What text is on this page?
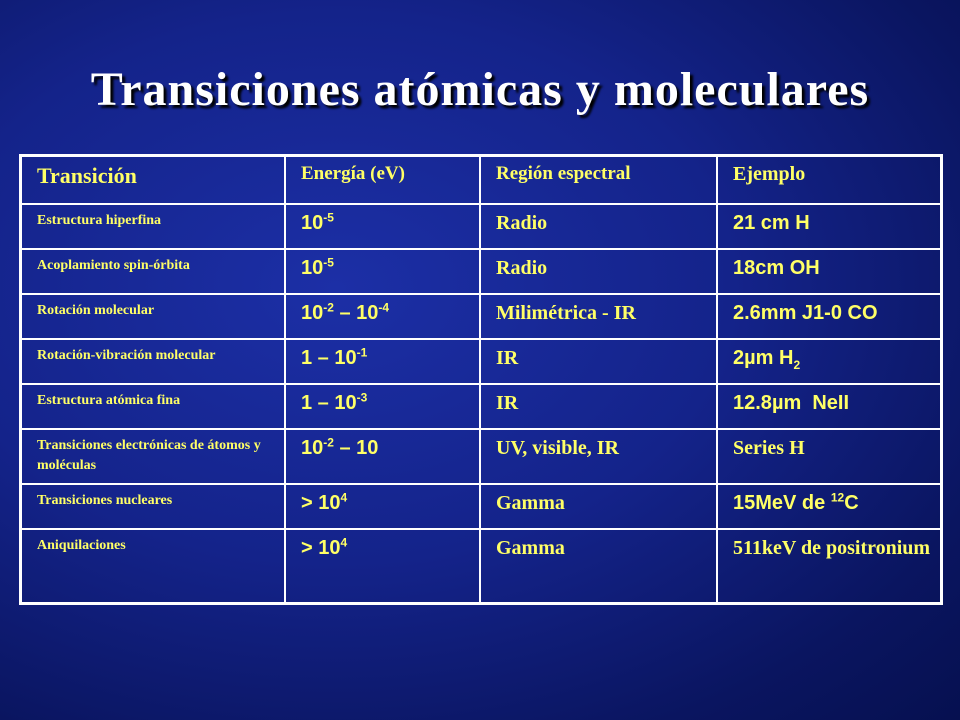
Transiciones atómicas y moleculares
Transición	Energía (eV)	Región espectral	Ejemplo
Estructura hiperfina	$10^{-5}$	Radio	21 cm H
Acoplamiento spin-órbita	$10^{-5}$	Radio	18cm OH
Rotación molecular	$10^{-2} - 10^{-4}$	Milimétrica - IR	2.6mm J1-0 CO
Rotación-vibración molecular	$1 - 10^{-1}$	IR	2µm $H_2$
Estructura atómica fina	$1 - 10^{-3}$	IR	12.8µm  NeII
Transiciones electrónicas de átomos y moléculas	$10^{-2} - 10$	UV, visible, IR	Series H
Transiciones nucleares	> $10^4$	Gamma	15MeV de $^{12}$C
Aniquilaciones	> $10^4$	Gamma	511keV de positronium
